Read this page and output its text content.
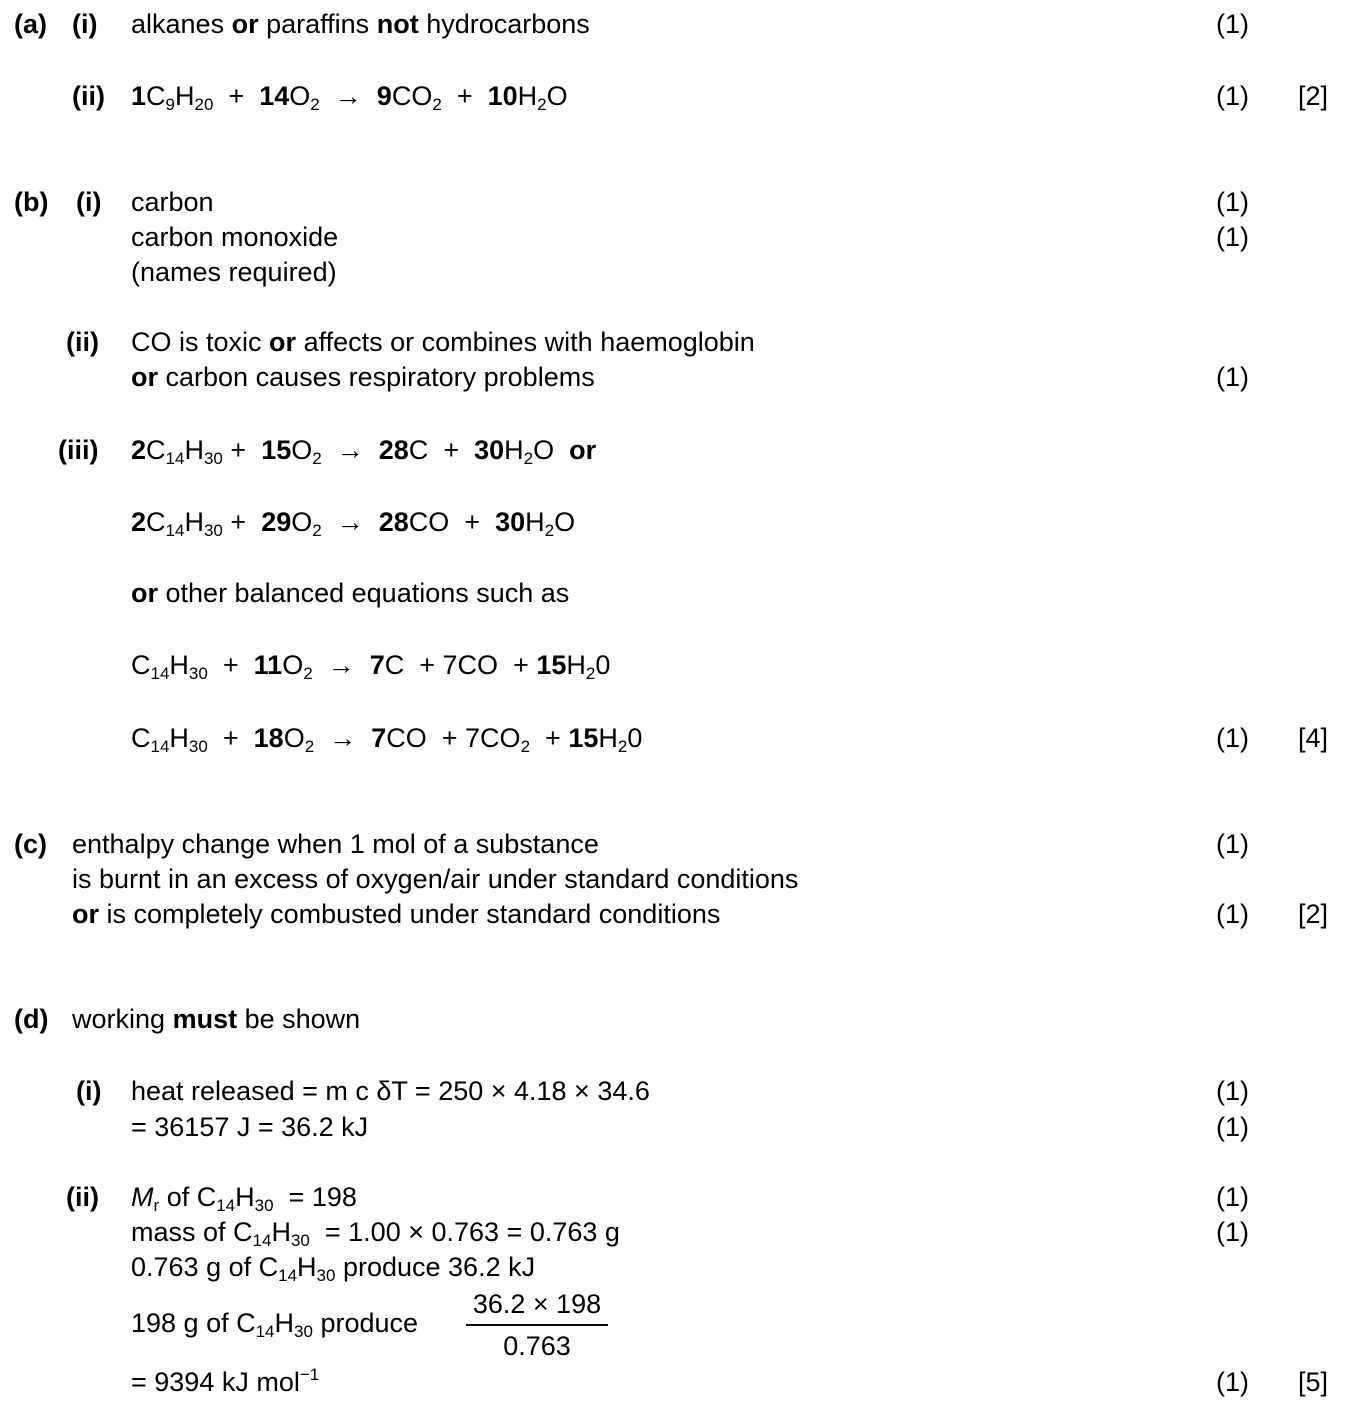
(a) (i) alkanes or paraffins not hydrocarbons	(1)
(ii) $1C_9H_{20} + 14O_2 \to 9CO_2 + 10H_2O$	(1) [2]
(b) (i) carbon	(1)
carbon monoxide	(1)
(names required)
(ii) CO is toxic or affects or combines with haemoglobin
or carbon causes respiratory problems	(1)
(iii) $2C_{14}H_{30} + 15O_2 \to 28C + 30H_2O$ or
$2C_{14}H_{30} + 29O_2 \to 28CO + 30H_2O$
or other balanced equations such as
$C_{14}H_{30} + 11O_2 \to 7C + 7CO + 15H_20$
$C_{14}H_{30} + 18O_2 \to 7CO + 7CO_2 + 15H_20$	(1) [4]
(c) enthalpy change when 1 mol of a substance	(1)
is burnt in an excess of oxygen/air under standard conditions
or is completely combusted under standard conditions	(1) [2]
(d) working must be shown
(i) heat released = m c δT = 250 × 4.18 × 34.6	(1)
= 36157 J = 36.2 kJ	(1)
(ii) $M_r$ of $C_{14}H_{30} = 198$	(1)
mass of $C_{14}H_{30} = 1.00 \times 0.763 = 0.763$ g	(1)
0.763 g of $C_{14}H_{30}$ produce 36.2 kJ
198 g of $C_{14}H_{30}$ produce
36.2 × 198
0.763
= 9394 kJ mol$^{-1}$	(1) [5]
